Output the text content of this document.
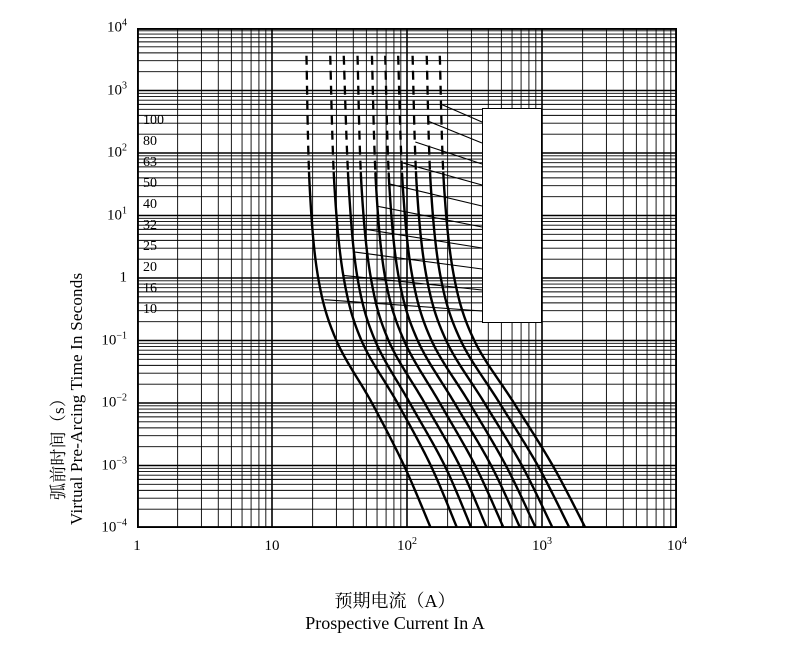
弧前时间（s） Virtual Pre-Arcing Time In Seconds
预期电流（A）
Prospective Current In A
$10^{-4}$
$10^{-3}$
$10^{-2}$
$10^{-1}$
1
$10^1$
$10^2$
$10^3$
$10^4$
1	10	$10^2$	$10^3$	$10^4$
100
80
63
50
40
32
25
20
16
10
